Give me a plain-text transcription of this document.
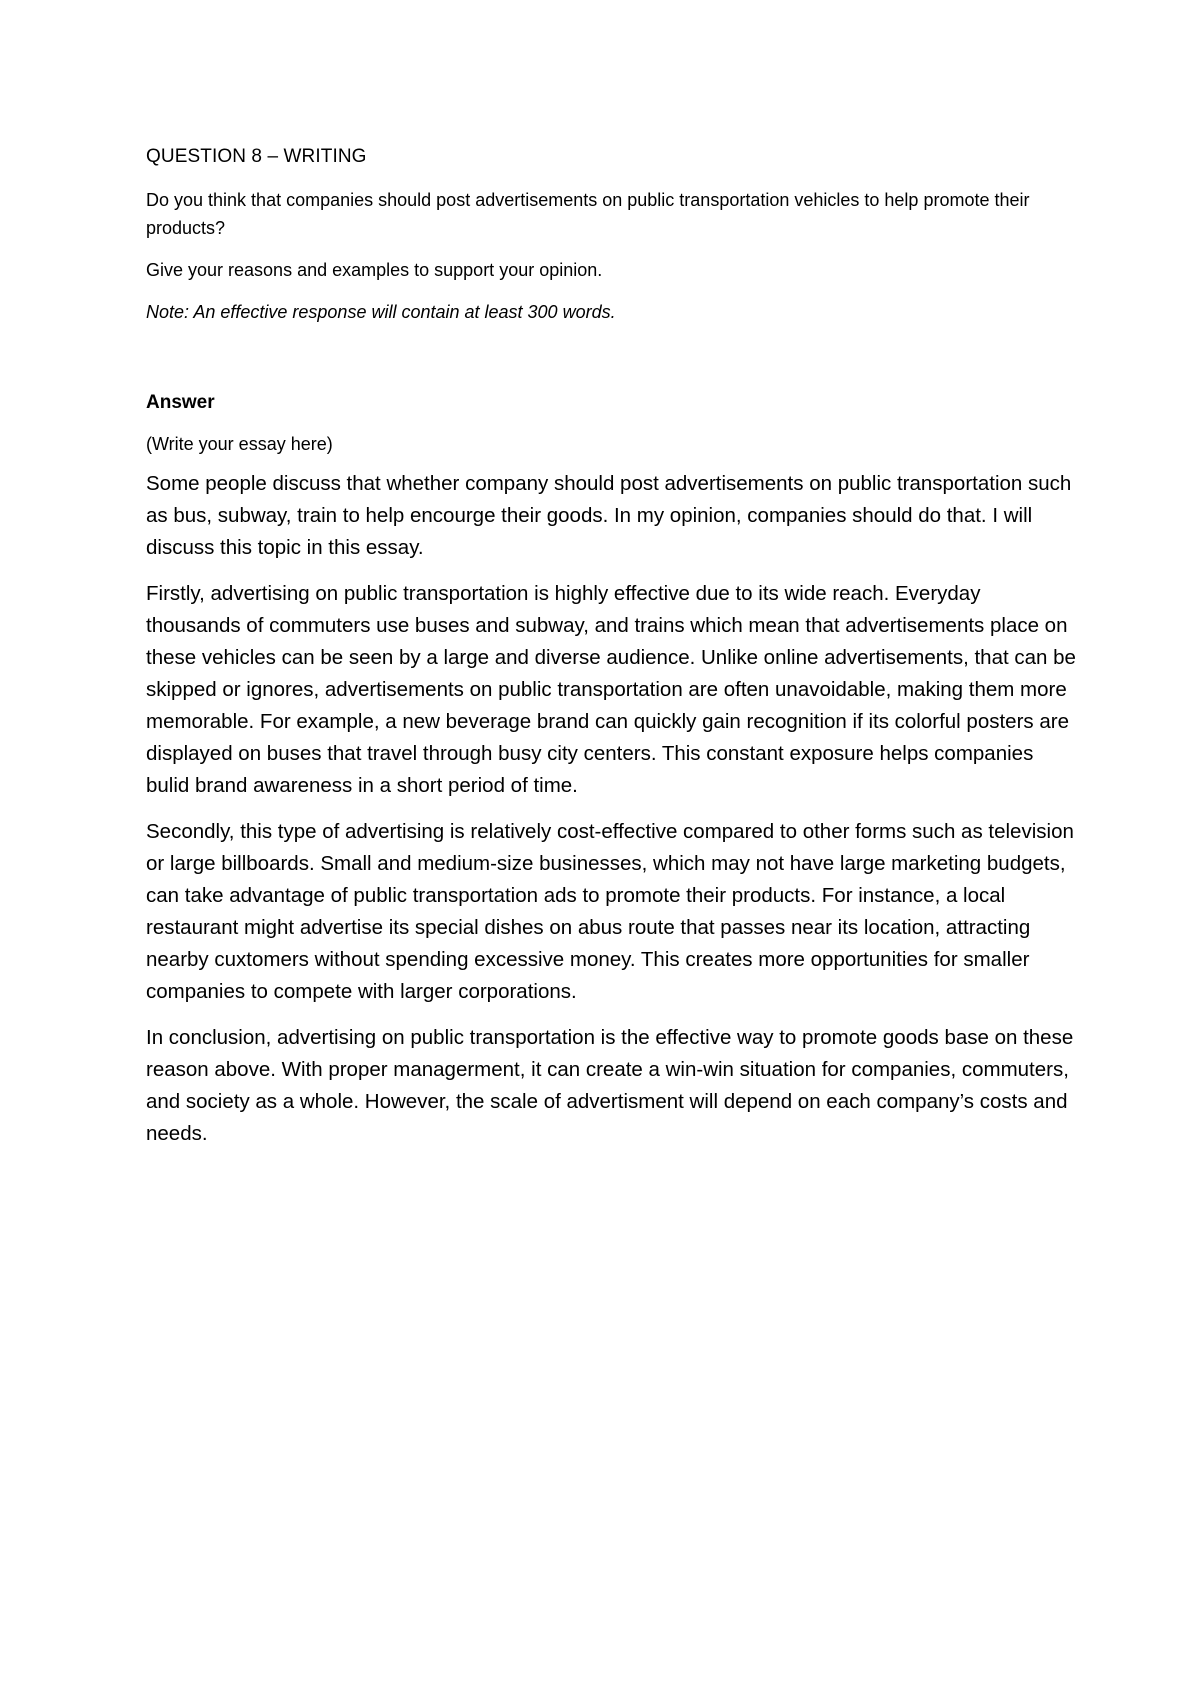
QUESTION 8 – WRITING

Do you think that companies should post advertisements on public transportation vehicles to help promote their products?

Give your reasons and examples to support your opinion.

Note: An effective response will contain at least 300 words.

Answer

(Write your essay here)

Some people discuss that whether company should post advertisements on public transportation such as bus, subway, train to help encourge their goods. In my opinion, companies should do that. I will discuss this topic in this essay.

Firstly, advertising on public transportation is highly effective due to its wide reach. Everyday thousands of commuters use buses and subway, and trains which mean that advertisements place on these vehicles can be seen by a large and diverse audience. Unlike online advertisements, that can be skipped or ignores, advertisements on public transportation are often unavoidable, making them more memorable. For example, a new beverage brand can quickly gain recognition if its colorful posters are displayed on buses that travel through busy city centers. This constant exposure helps companies bulid brand awareness in a short period of time.

Secondly, this type of advertising is relatively cost-effective compared to other forms such as television or large billboards. Small and medium-size businesses, which may not have large marketing budgets, can take advantage of public transportation ads to promote their products. For instance, a local restaurant might advertise its special dishes on abus route that passes near its location, attracting nearby cuxtomers without spending excessive money. This creates more opportunities for smaller companies to compete with larger corporations.

In conclusion, advertising on public transportation is the effective way to promote goods base on these reason above. With proper managerment, it can create a win-win situation for companies, commuters, and society as a whole. However, the scale of advertisment will depend on each company’s costs and needs.
